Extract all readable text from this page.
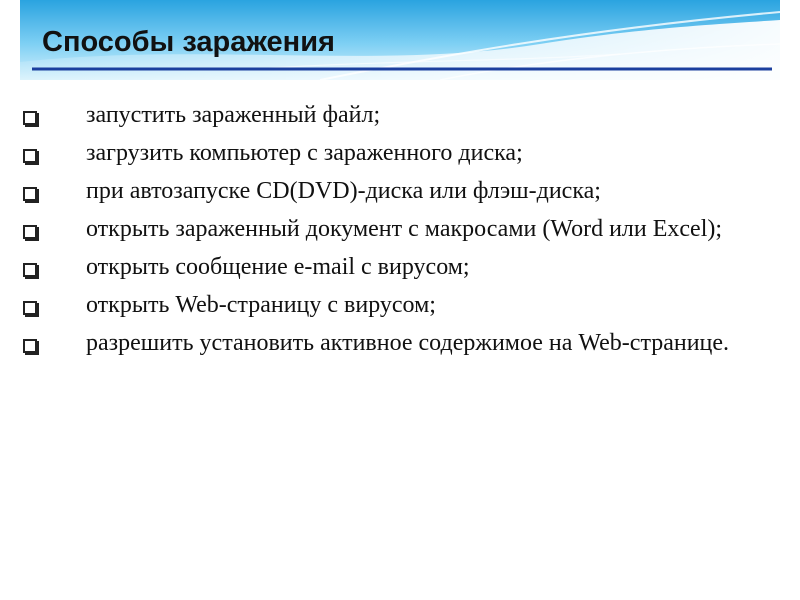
Способы заражения
запустить зараженный файл;
загрузить компьютер с зараженного диска;
при автозапуске CD(DVD)-диска или флэш-диска;
открыть зараженный документ с макросами (Word или Excel);
открыть сообщение e-mail с вирусом;
открыть Web-страницу с вирусом;
разрешить установить активное содержимое на Web-странице.
